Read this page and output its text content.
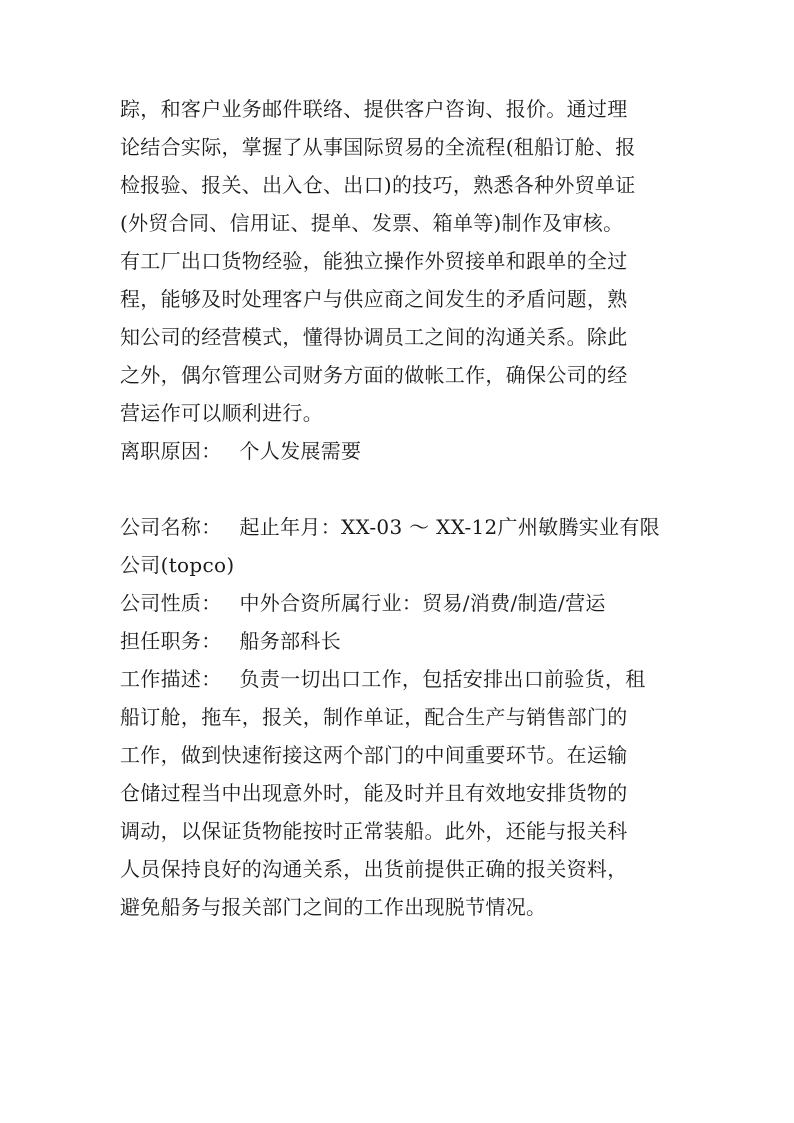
踪，和客户业务邮件联络、提供客户咨询、报价。通过理
论结合实际，掌握了从事国际贸易的全流程(租船订舱、报
检报验、报关、出入仓、出口)的技巧，熟悉各种外贸单证
(外贸合同、信用证、提单、发票、箱单等)制作及审核。
有工厂出口货物经验，能独立操作外贸接单和跟单的全过
程，能够及时处理客户与供应商之间发生的矛盾问题，熟
知公司的经营模式，懂得协调员工之间的沟通关系。除此
之外，偶尔管理公司财务方面的做帐工作，确保公司的经
营运作可以顺利进行。
离职原因： 个人发展需要
公司名称： 起止年月：XX-03 ～ XX-12广州敏腾实业有限
公司(topco)
公司性质： 中外合资所属行业：贸易/消费/制造/营运
担任职务： 船务部科长
工作描述： 负责一切出口工作，包括安排出口前验货，租
船订舱，拖车，报关，制作单证，配合生产与销售部门的
工作，做到快速衔接这两个部门的中间重要环节。在运输
仓储过程当中出现意外时，能及时并且有效地安排货物的
调动，以保证货物能按时正常装船。此外，还能与报关科
人员保持良好的沟通关系，出货前提供正确的报关资料，
避免船务与报关部门之间的工作出现脱节情况。
